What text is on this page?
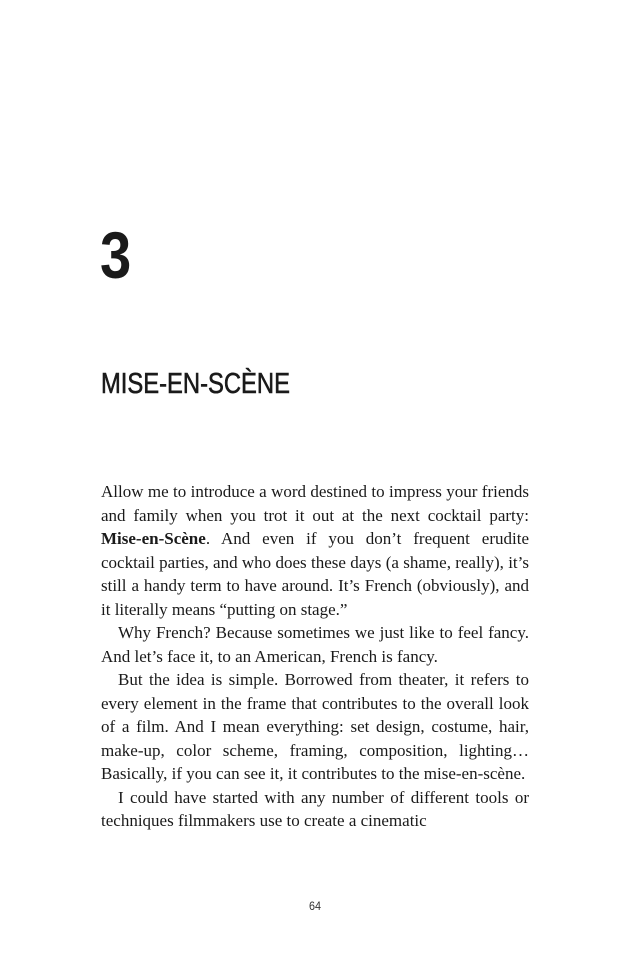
3
MISE-EN-SCÈNE

Allow me to introduce a word destined to impress your friends and family when you trot it out at the next cocktail party: Mise-en-Scène. And even if you don’t frequent erudite cocktail parties, and who does these days (a shame, really), it’s still a handy term to have around. It’s French (obviously), and it literally means “putting on stage.”

Why French? Because sometimes we just like to feel fancy. And let’s face it, to an American, French is fancy.

But the idea is simple. Borrowed from theater, it refers to every element in the frame that contributes to the overall look of a film. And I mean everything: set design, costume, hair, make-up, color scheme, framing, composition, lighting… Basically, if you can see it, it contributes to the mise-en-scène.

I could have started with any number of different tools or techniques filmmakers use to create a cinematic

64
